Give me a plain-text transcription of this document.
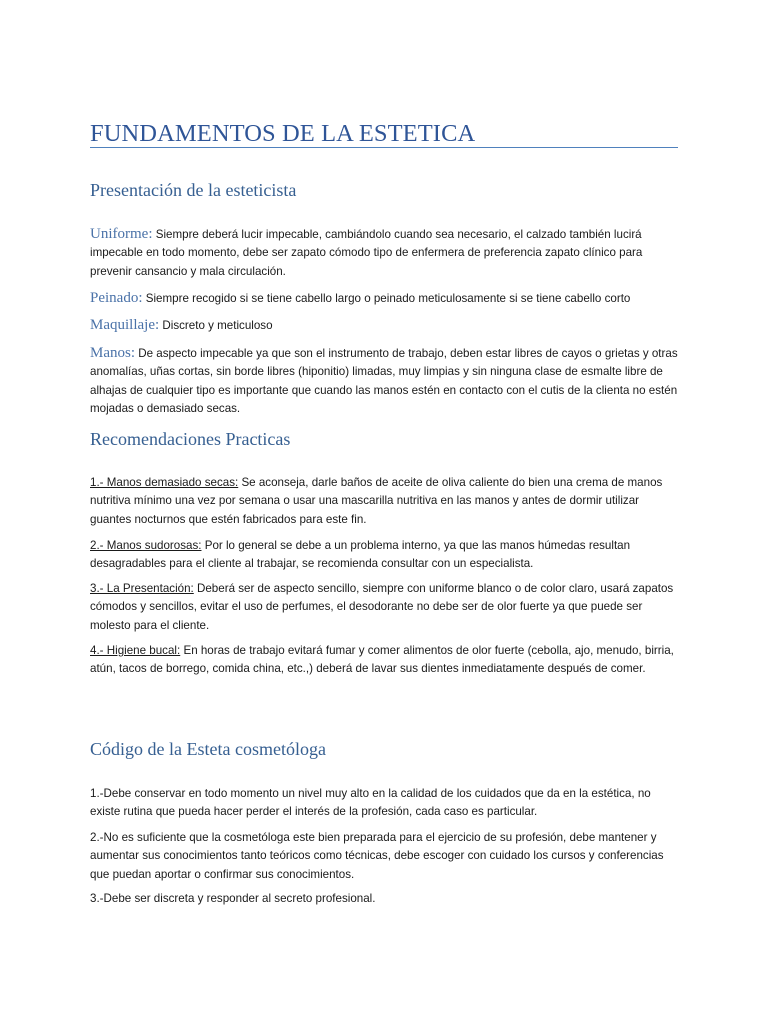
FUNDAMENTOS DE LA ESTETICA
Presentación de la esteticista

Uniforme: Siempre deberá lucir impecable, cambiándolo cuando sea necesario, el calzado también lucirá impecable en todo momento, debe ser zapato cómodo tipo de enfermera de preferencia zapato clínico para prevenir cansancio y mala circulación.

Peinado: Siempre recogido si se tiene cabello largo o peinado meticulosamente si se tiene cabello corto

Maquillaje: Discreto y meticuloso

Manos: De aspecto impecable ya que son el instrumento de trabajo, deben estar libres de cayos o grietas y otras anomalías, uñas cortas, sin borde libres (hiponitio) limadas, muy limpias y sin ninguna clase de esmalte libre de alhajas de cualquier tipo es importante que cuando las manos estén en contacto con el cutis de la clienta no estén mojadas o demasiado secas.

Recomendaciones Practicas

1.- Manos demasiado secas: Se aconseja, darle baños de aceite de oliva caliente do bien una crema de manos nutritiva mínimo una vez por semana o usar una mascarilla nutritiva en las manos y antes de dormir utilizar guantes nocturnos que estén fabricados para este fin.

2.- Manos sudorosas: Por lo general se debe a un problema interno, ya que las manos húmedas resultan desagradables para el cliente al trabajar, se recomienda consultar con un especialista.

3.- La Presentación: Deberá ser de aspecto sencillo, siempre con uniforme blanco o de color claro, usará zapatos cómodos y sencillos, evitar el uso de perfumes, el desodorante no debe ser de olor fuerte ya que puede ser molesto para el cliente.

4.- Higiene bucal: En horas de trabajo evitará fumar y comer alimentos de olor fuerte (cebolla, ajo, menudo, birria, atún, tacos de borrego, comida china, etc.,) deberá de lavar sus dientes inmediatamente después de comer.

Código de la Esteta cosmetóloga

1.-Debe conservar en todo momento un nivel muy alto en la calidad de los cuidados que da en la estética, no existe rutina que pueda hacer perder el interés de la profesión, cada caso es particular.

2.-No es suficiente que la cosmetóloga este bien preparada para el ejercicio de su profesión, debe mantener y aumentar sus conocimientos tanto teóricos como técnicas, debe escoger con cuidado los cursos y conferencias que puedan aportar o confirmar sus conocimientos.

3.-Debe ser discreta y responder al secreto profesional.
